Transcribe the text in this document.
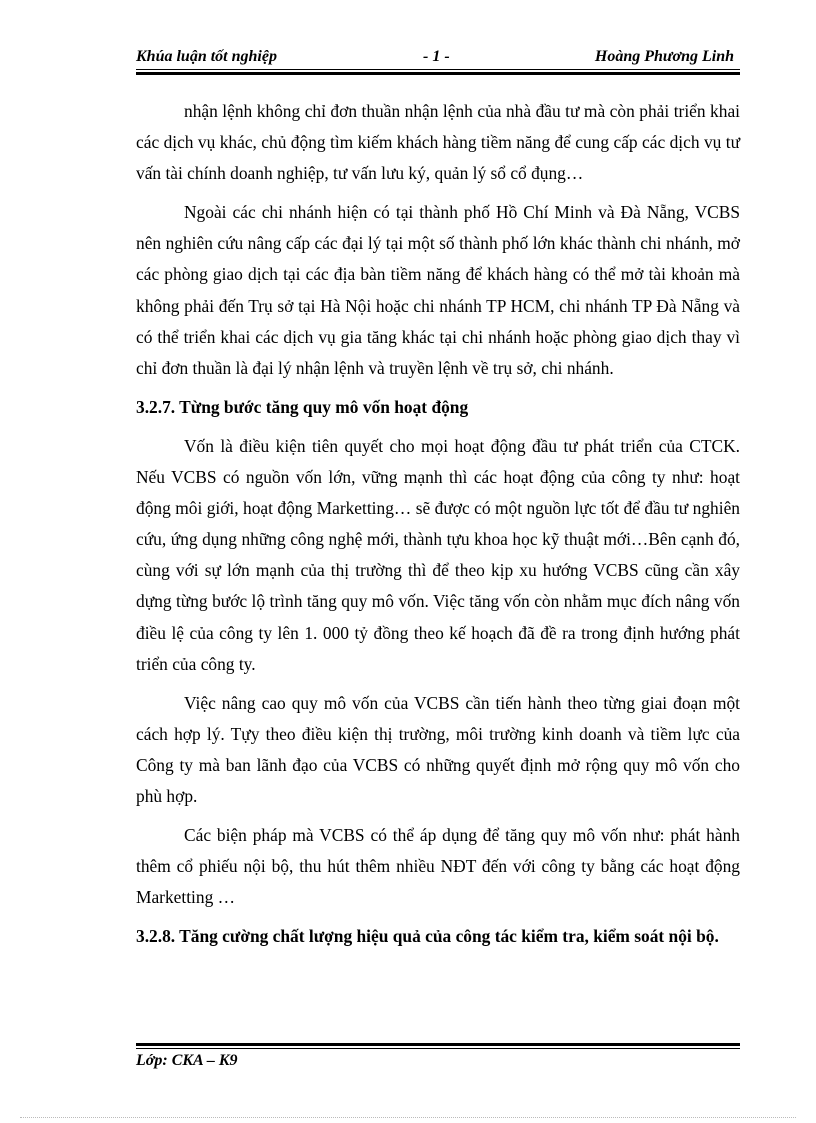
Khúa luận tốt nghiệp	- 1 -	Hoàng Phương Linh

nhận lệnh không chỉ đơn thuần nhận lệnh của nhà đầu tư mà còn phải triển khai các dịch vụ khác, chủ động tìm kiếm khách hàng tiềm năng để cung cấp các dịch vụ tư vấn tài chính doanh nghiệp, tư vấn lưu ký, quản lý sổ cổ đụng…

Ngoài các chi nhánh hiện có tại thành phố Hồ Chí Minh và Đà Nẵng, VCBS nên nghiên cứu nâng cấp các đại lý tại một số thành phố lớn khác thành chi nhánh, mở các phòng giao dịch tại các địa bàn tiềm năng để khách hàng có thể mở tài khoản mà không phải đến Trụ sở tại Hà Nội hoặc chi nhánh TP HCM, chi nhánh TP Đà Nẵng và có thể triển khai các dịch vụ gia tăng khác tại chi nhánh hoặc phòng giao dịch thay vì chỉ đơn thuần là đại lý nhận lệnh và truyền lệnh về trụ sở, chi nhánh.

3.2.7. Từng bước tăng quy mô vốn hoạt động

Vốn là điều kiện tiên quyết cho mọi hoạt động đầu tư phát triển của CTCK. Nếu VCBS có nguồn vốn lớn, vững mạnh thì các hoạt động của công ty như: hoạt động môi giới, hoạt động Marketting… sẽ được có một nguồn lực tốt để đầu tư nghiên cứu, ứng dụng những công nghệ mới, thành tựu khoa học kỹ thuật mới…Bên cạnh đó, cùng với sự lớn mạnh của thị trường thì để theo kịp xu hướng VCBS cũng cần xây dựng từng bước lộ trình tăng quy mô vốn. Việc tăng vốn còn nhằm mục đích nâng vốn điều lệ của công ty lên 1. 000 tỷ đồng theo kế hoạch đã đề ra trong định hướng phát triển của công ty.

Việc nâng cao quy mô vốn của VCBS cần tiến hành theo từng giai đoạn một cách hợp lý. Tựy theo điều kiện thị trường, môi trường kinh doanh và tiềm lực của Công ty mà ban lãnh đạo của VCBS có những quyết định mở rộng quy mô vốn cho phù hợp.

Các biện pháp mà VCBS có thể áp dụng để tăng quy mô vốn như: phát hành thêm cổ phiếu nội bộ, thu hút thêm nhiều NĐT đến với công ty bằng các hoạt động Marketting …

3.2.8. Tăng cường chất lượng hiệu quả của công tác kiểm tra, kiểm soát nội bộ.
Lớp: CKA – K9
